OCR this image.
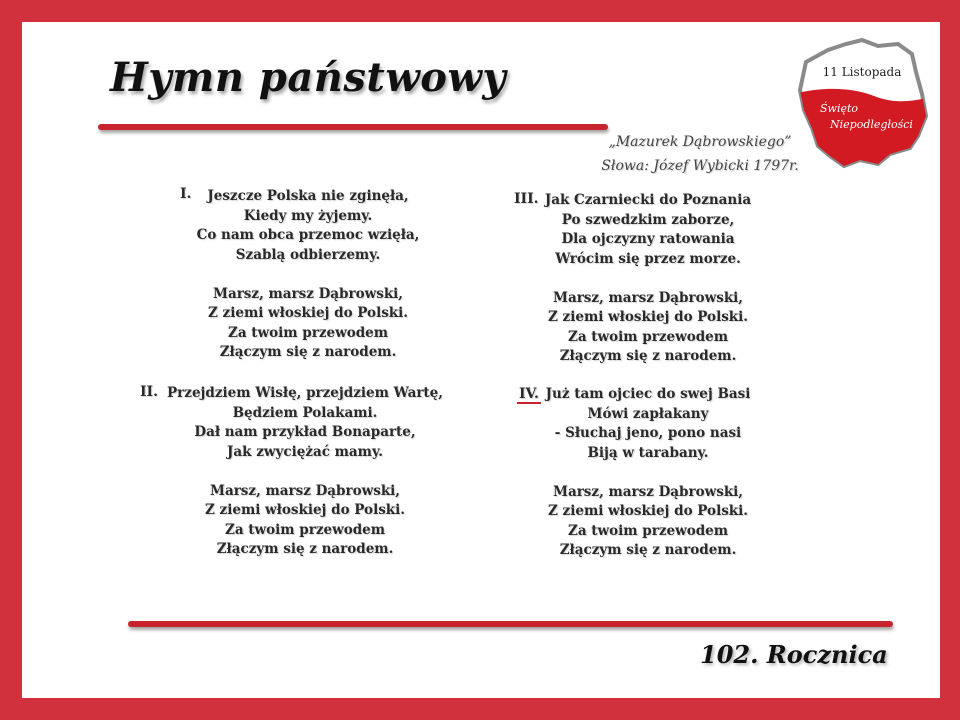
Hymn państwowy	11 Listopada
Święto
Niepodległości
„Mazurek Dąbrowskiego”
Słowa: Józef Wybicki 1797r.
I.	Jeszcze Polska nie zginęła,
Kiedy my żyjemy.
Co nam obca przemoc wzięła,
Szablą odbierzemy.
Marsz, marsz Dąbrowski,
Z ziemi włoskiej do Polski.
Za twoim przewodem
Złączym się z narodem.
II. Przejdziem Wisłę, przejdziem Wartę,
Będziem Polakami.
Dał nam przykład Bonaparte,
Jak zwyciężać mamy.
Marsz, marsz Dąbrowski,
Z ziemi włoskiej do Polski.
Za twoim przewodem
Złączym się z narodem.
III. Jak Czarniecki do Poznania
Po szwedzkim zaborze,
Dla ojczyzny ratowania
Wrócim się przez morze.
Marsz, marsz Dąbrowski,
Z ziemi włoskiej do Polski.
Za twoim przewodem
Złączym się z narodem.
IV. Już tam ojciec do swej Basi
Mówi zapłakany
- Słuchaj jeno, pono nasi
Biją w tarabany.
Marsz, marsz Dąbrowski,
Z ziemi włoskiej do Polski.
Za twoim przewodem
Złączym się z narodem.
102. Rocznica
